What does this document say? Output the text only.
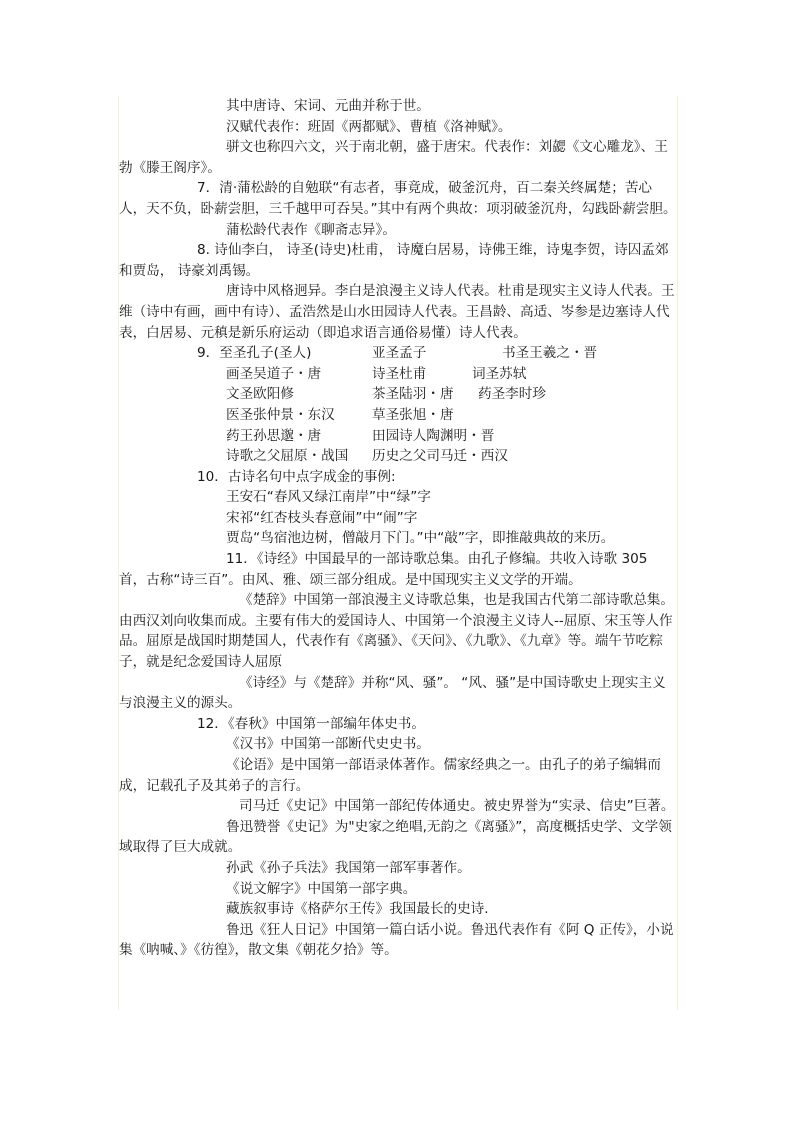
其中唐诗、宋词、元曲并称于世。

汉赋代表作：班固《两都赋》、曹植《洛神赋》。

骈文也称四六文，兴于南北朝，盛于唐宋。代表作：刘勰《文心雕龙》、王勃《滕王阁序》。

7．清·蒲松龄的自勉联“有志者，事竟成，破釜沉舟，百二秦关终属楚；苦心人，天不负，卧薪尝胆，三千越甲可吞吴。”其中有两个典故：项羽破釜沉舟，勾践卧薪尝胆。

蒲松龄代表作《聊斋志异》。

8. 诗仙李白， 诗圣(诗史)杜甫， 诗魔白居易，诗佛王维，诗鬼李贺，诗囚孟郊和贾岛， 诗豪刘禹锡。

唐诗中风格迥异。李白是浪漫主义诗人代表。杜甫是现实主义诗人代表。王维（诗中有画，画中有诗）、孟浩然是山水田园诗人代表。王昌龄、高适、岑参是边塞诗人代表，白居易、元稹是新乐府运动（即追求语言通俗易懂）诗人代表。

9．至圣孔子(圣人)	亚圣孟子	书圣王羲之・晋
画圣吴道子・唐	诗圣杜甫	词圣苏轼
文圣欧阳修	茶圣陆羽・唐	药圣李时珍
医圣张仲景・东汉	草圣张旭・唐
药王孙思邈・唐	田园诗人陶渊明・晋
诗歌之父屈原・战国	历史之父司马迁・西汉

10．古诗名句中点字成金的事例:

王安石“春风又绿江南岸”中“绿”字

宋祁“红杏枝头春意闹”中“闹”字

贾岛“鸟宿池边树，僧敲月下门。”中“敲”字，即推敲典故的来历。

11．《诗经》中国最早的一部诗歌总集。由孔子修编。共收入诗歌 305 首，古称“诗三百”。由风、雅、颂三部分组成。是中国现实主义文学的开端。

《楚辞》中国第一部浪漫主义诗歌总集，也是我国古代第二部诗歌总集。由西汉刘向收集而成。主要有伟大的爱国诗人、中国第一个浪漫主义诗人--屈原、宋玉等人作品。屈原是战国时期楚国人，代表作有《离骚》、《天问》、《九歌》、《九章》等。端午节吃粽子，就是纪念爱国诗人屈原

《诗经》与《楚辞》并称“风、骚”。 “风、骚”是中国诗歌史上现实主义与浪漫主义的源头。

12．《春秋》中国第一部编年体史书。

《汉书》中国第一部断代史史书。

《论语》是中国第一部语录体著作。儒家经典之一。由孔子的弟子编辑而成，记载孔子及其弟子的言行。

司马迁《史记》中国第一部纪传体通史。被史界誉为“实录、信史”巨著。

鲁迅赞誉《史记》为"史家之绝唱,无韵之《离骚》”，高度概括史学、文学领域取得了巨大成就。

孙武《孙子兵法》我国第一部军事著作。

《说文解字》中国第一部字典。

藏族叙事诗《格萨尔王传》我国最长的史诗.

鲁迅《狂人日记》中国第一篇白话小说。鲁迅代表作有《阿 Q 正传》，小说集《呐喊、》《彷徨》，散文集《朝花夕拾》等。
